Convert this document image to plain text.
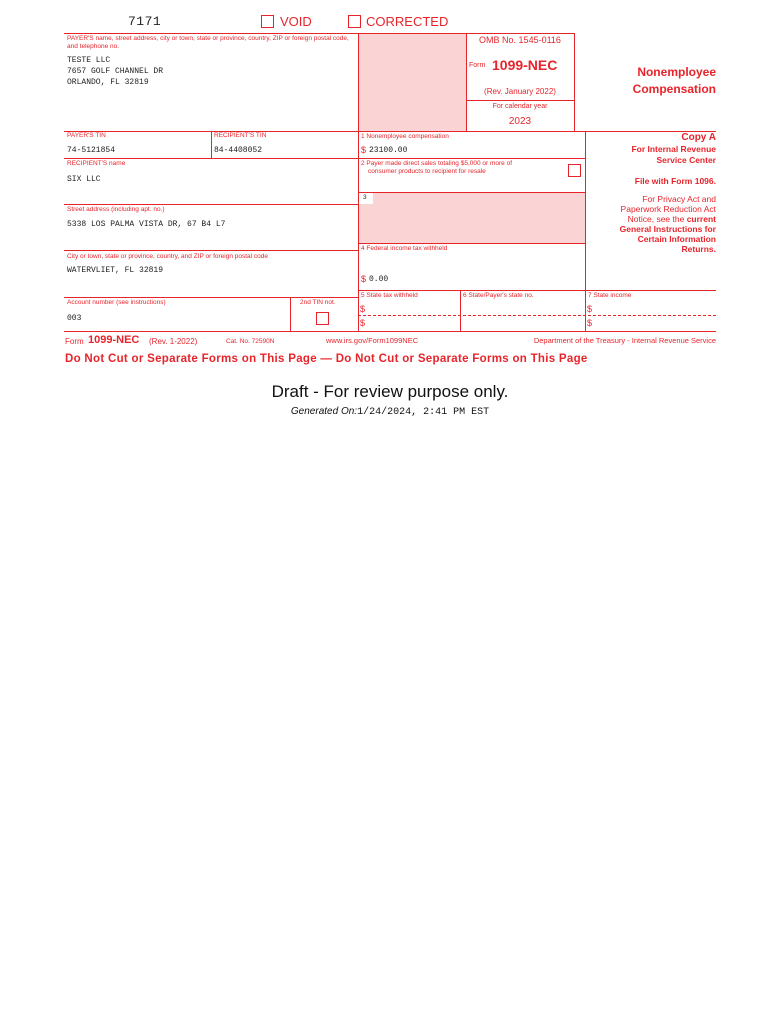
7171	VOID	CORRECTED
PAYER'S name, street address, city or town, state or province, country, ZIP or foreign postal code, and telephone no.
TESTE LLC
7657 GOLF CHANNEL DR
ORLANDO, FL 32819
OMB No. 1545-0116
Form 1099-NEC
(Rev. January 2022)
For calendar year
2023
Nonemployee
Compensation
Copy A
For Internal Revenue
Service Center
File with Form 1096.
For Privacy Act and
Paperwork Reduction Act
Notice, see the current
General Instructions for
Certain Information
Returns.
PAYER'S TIN
74-5121854
RECIPIENT'S TIN
84-4408052
RECIPIENT'S name
SIX LLC
Street address (including apt. no.)
5338 LOS PALMA VISTA DR, 67 B4 L7
City or town, state or province, country, and ZIP or foreign postal code
WATERVLIET, FL 32819
Account number (see instructions)
003
2nd TIN not.
1 Nonemployee compensation
$ 23100.00
2 Payer made direct sales totaling $5,000 or more of
consumer products to recipient for resale
3
4 Federal income tax withheld
$ 0.00
5 State tax withheld
$
$
6 State/Payer's state no.	7 State income
$
$
Form 1099-NEC (Rev. 1-2022)	Cat. No. 72590N	www.irs.gov/Form1099NEC	Department of the Treasury - Internal Revenue Service
Do Not Cut or Separate Forms on This Page — Do Not Cut or Separate Forms on This Page
Draft - For review purpose only.
Generated On:1/24/2024, 2:41 PM EST
